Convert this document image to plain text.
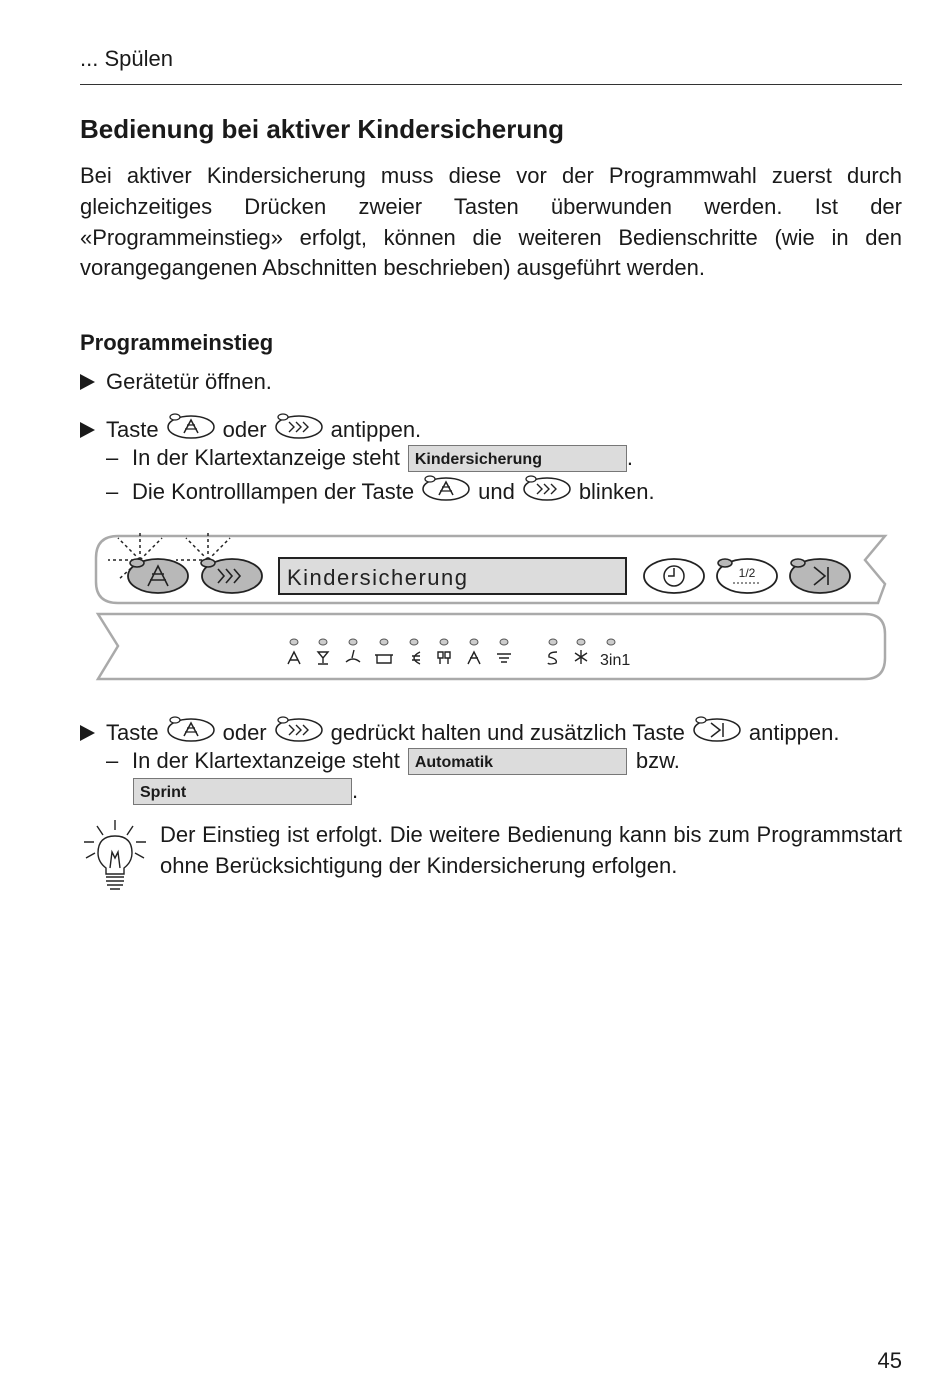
... Spülen
Bedienung bei aktiver Kindersicherung
Bei aktiver Kindersicherung muss diese vor der Programmwahl zuerst durch gleichzeitiges Drücken zweier Tasten überwunden werden. Ist der «Programmeinstieg» erfolgt, können die weiteren Bedienschritte (wie in den vorangegangenen Abschnitten beschrieben) ausgeführt werden.
Programmeinstieg
Gerätetür öffnen.
Taste	oder	antippen.
– In der Klartextanzeige steht Kindersicherung	.
– Die Kontrolllampen der Taste	und	blinken.
Kindersicherung	1/2
3in1
Taste	oder	gedrückt halten und zusätzlich Taste	antippen.
– In der Klartextanzeige steht Automatik	bzw.
Sprint	.
Der Einstieg ist erfolgt. Die weitere Bedienung kann bis zum Programmstart ohne Berücksichtigung der Kindersicherung erfolgen.
45
